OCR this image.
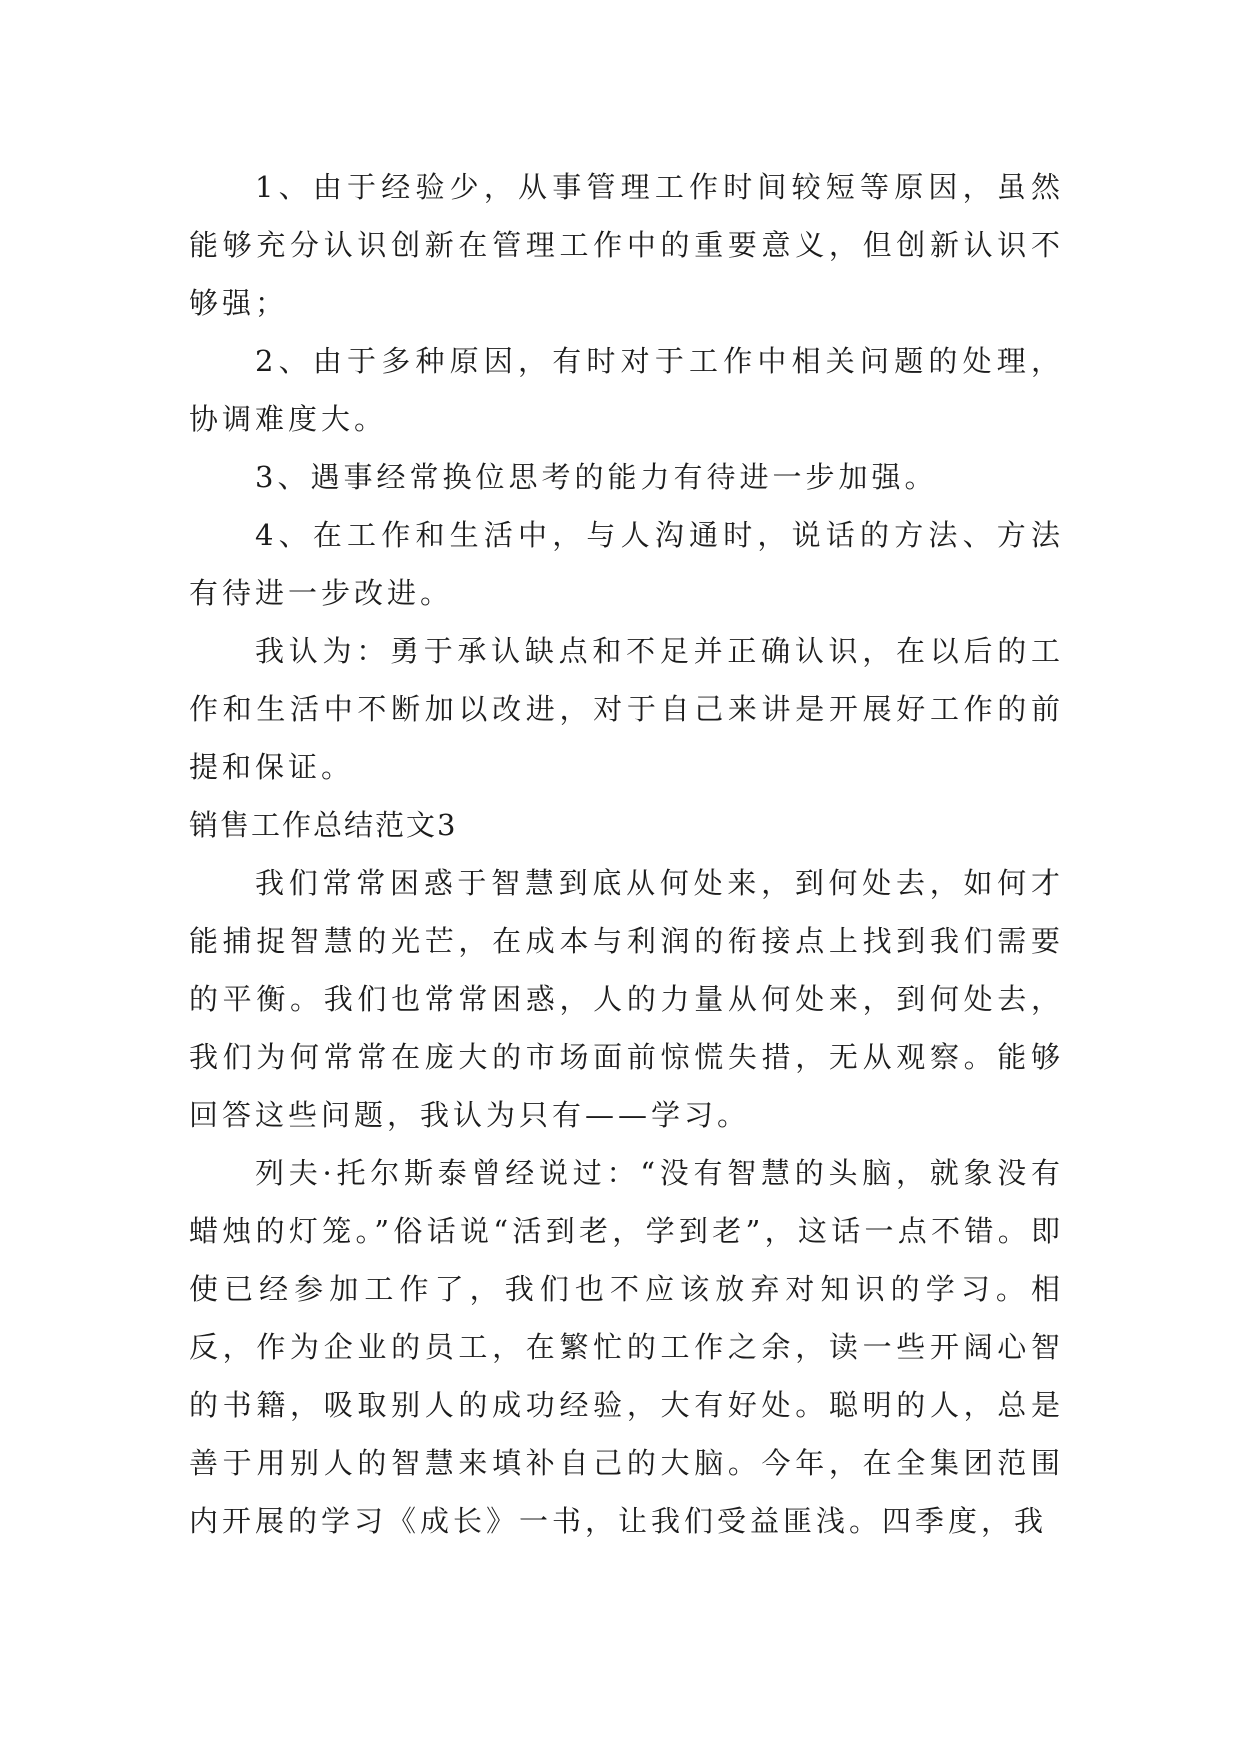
1、由于经验少，从事管理工作时间较短等原因，虽然能够充分认识创新在管理工作中的重要意义，但创新认识不够强；

2、由于多种原因，有时对于工作中相关问题的处理，协调难度大。

3、遇事经常换位思考的能力有待进一步加强。

4、在工作和生活中，与人沟通时，说话的方法、方法有待进一步改进。

我认为：勇于承认缺点和不足并正确认识，在以后的工作和生活中不断加以改进，对于自己来讲是开展好工作的前提和保证。

销售工作总结范文3

我们常常困惑于智慧到底从何处来，到何处去，如何才能捕捉智慧的光芒，在成本与利润的衔接点上找到我们需要的平衡。我们也常常困惑，人的力量从何处来，到何处去，我们为何常常在庞大的市场面前惊慌失措，无从观察。能够回答这些问题，我认为只有——学习。

列夫·托尔斯泰曾经说过：“没有智慧的头脑，就象没有蜡烛的灯笼。”俗话说“活到老，学到老”，这话一点不错。即使已经参加工作了，我们也不应该放弃对知识的学习。相反，作为企业的员工，在繁忙的工作之余，读一些开阔心智的书籍，吸取别人的成功经验，大有好处。聪明的人，总是善于用别人的智慧来填补自己的大脑。今年，在全集团范围内开展的学习《成长》一书，让我们受益匪浅。四季度，我
